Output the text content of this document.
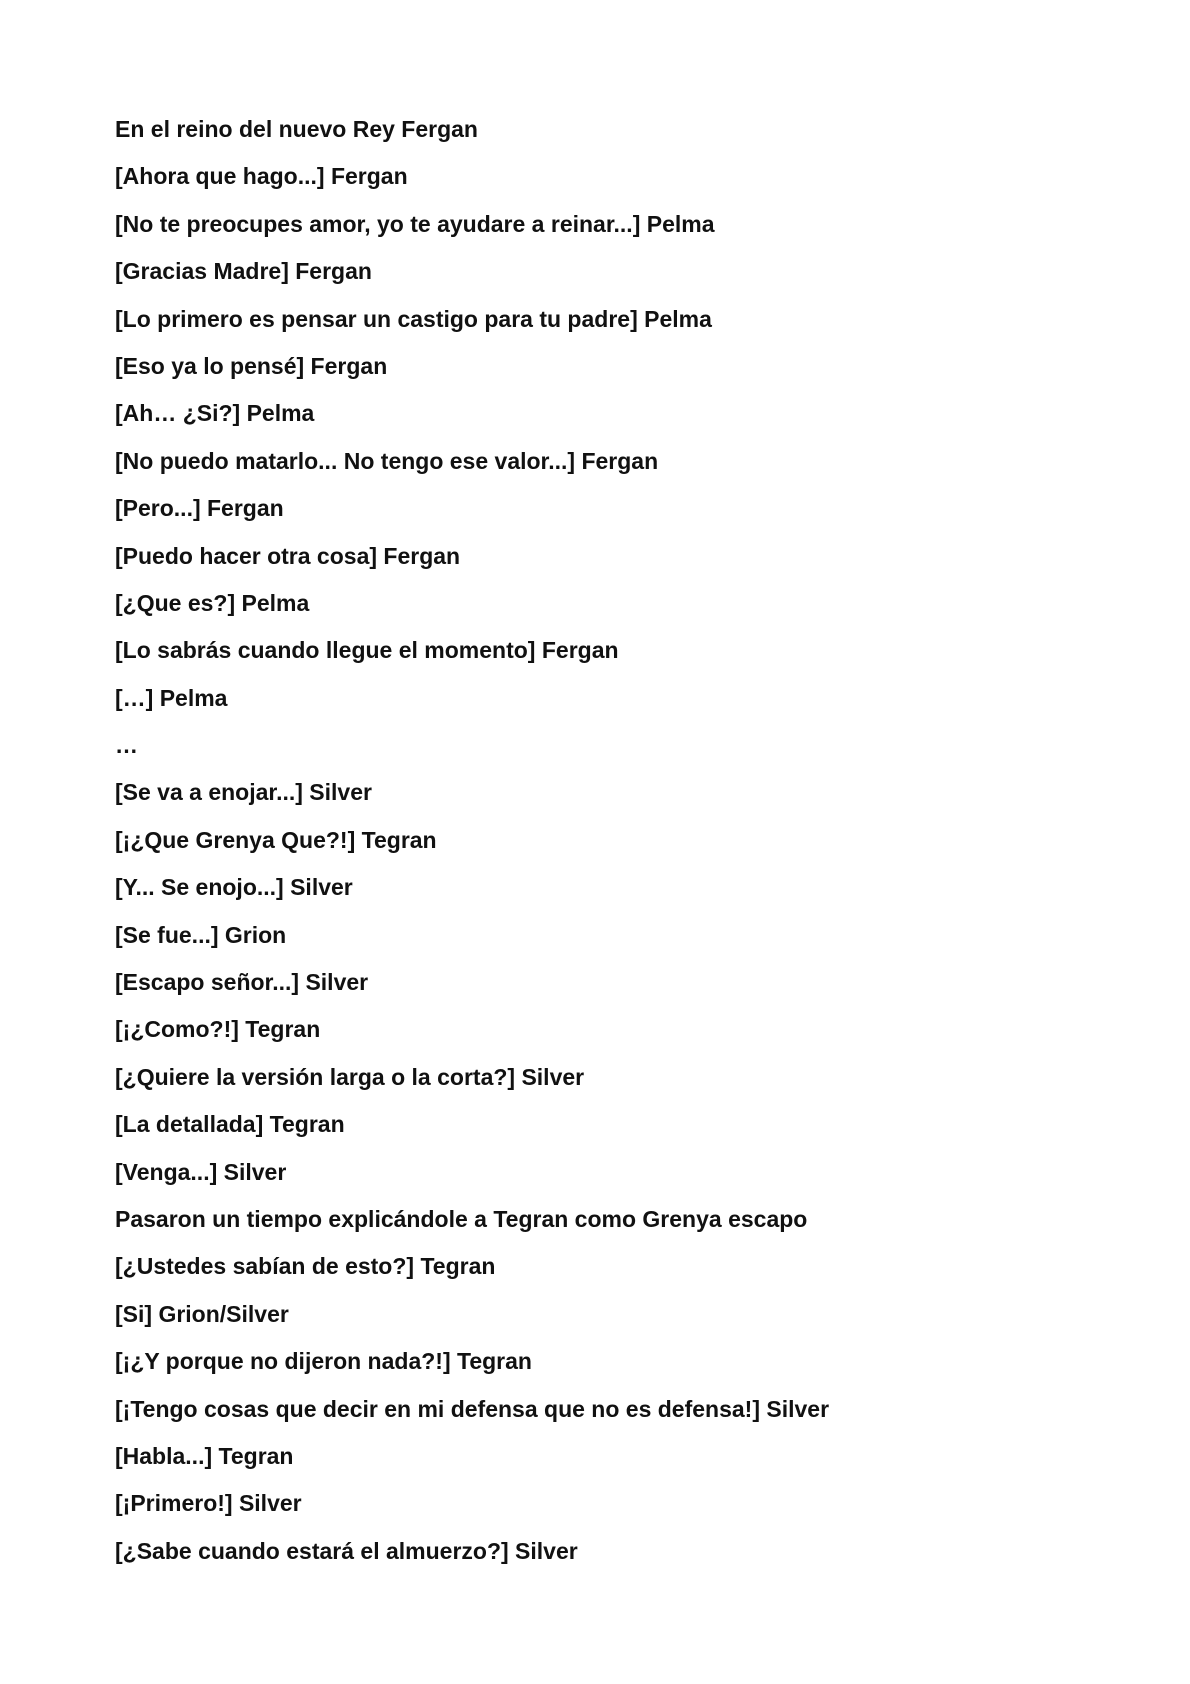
En el reino del nuevo Rey Fergan
[Ahora que hago...] Fergan
[No te preocupes amor, yo te ayudare a reinar...] Pelma
[Gracias Madre] Fergan
[Lo primero es pensar un castigo para tu padre] Pelma
[Eso ya lo pensé] Fergan
[Ah… ¿Si?] Pelma
[No puedo matarlo... No tengo ese valor...] Fergan
[Pero...] Fergan
[Puedo hacer otra cosa] Fergan
[¿Que es?] Pelma
[Lo sabrás cuando llegue el momento] Fergan
[…] Pelma
…
[Se va a enojar...] Silver
[¡¿Que Grenya Que?!] Tegran
[Y... Se enojo...] Silver
[Se fue...] Grion
[Escapo señor...] Silver
[¡¿Como?!] Tegran
[¿Quiere la versión larga o la corta?] Silver
[La detallada] Tegran
[Venga...] Silver
Pasaron un tiempo explicándole a Tegran como Grenya escapo
[¿Ustedes sabían de esto?] Tegran
[Si] Grion/Silver
[¡¿Y porque no dijeron nada?!] Tegran
[¡Tengo cosas que decir en mi defensa que no es defensa!] Silver
[Habla...] Tegran
[¡Primero!] Silver
[¿Sabe cuando estará el almuerzo?] Silver
